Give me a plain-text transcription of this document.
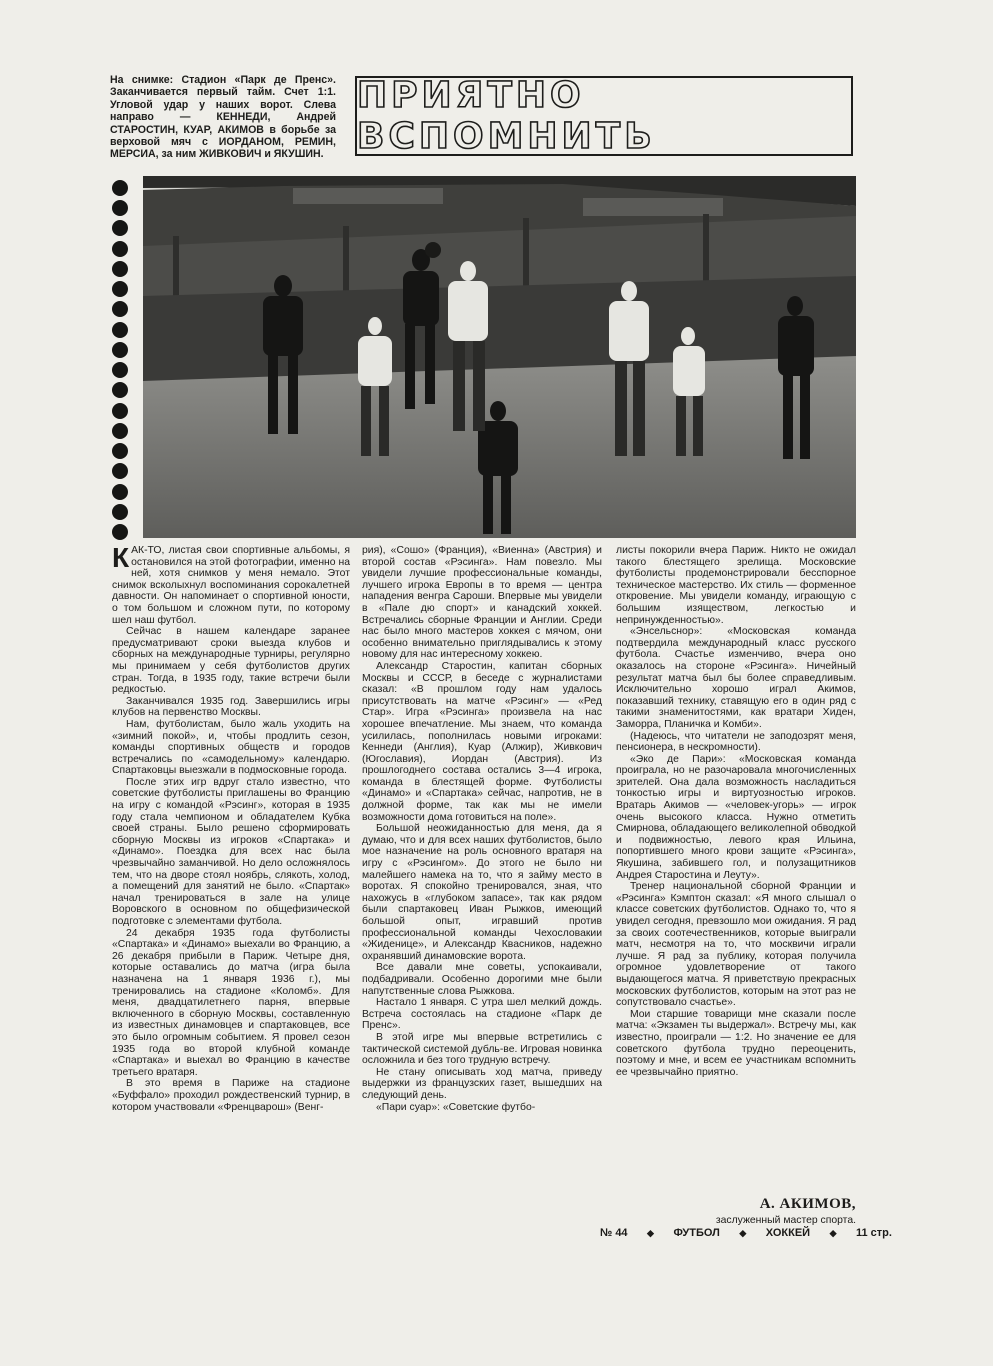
На снимке: Стадион «Парк де Пренс». Заканчивается первый тайм. Счет 1:1. Угловой удар у наших ворот. Слева направо — КЕННЕДИ, Андрей СТАРОСТИН, КУАР, АКИМОВ в борьбе за верховой мяч с ИОРДАНОМ, РЕМИН, МЕРСИА, за ним ЖИВКОВИЧ и ЯКУШИН.
ПРИЯТНО ВСПОМНИТЬ

КАК-ТО, листая свои спортивные альбомы, я остановился на этой фотографии, именно на ней, хотя снимков у меня немало. Этот снимок всколыхнул воспоминания сорокалетней давности. Он напоминает о спортивной юности, о том большом и сложном пути, по которому шел наш футбол.

Сейчас в нашем календаре заранее предусматривают сроки выезда клубов и сборных на международные турниры, регулярно мы принимаем у себя футболистов других стран. Тогда, в 1935 году, такие встречи были редкостью.

Заканчивался 1935 год. Завершились игры клубов на первенство Москвы.

Нам, футболистам, было жаль уходить на «зимний покой», и, чтобы продлить сезон, команды спортивных обществ и городов встречались по «самодельному» календарю. Спартаковцы выезжали в подмосковные города.

После этих игр вдруг стало известно, что советские футболисты приглашены во Францию на игру с командой «Рэсинг», которая в 1935 году стала чемпионом и обладателем Кубка своей страны. Было решено сформировать сборную Москвы из игроков «Спартака» и «Динамо». Поездка для всех нас была чрезвычайно заманчивой. Но дело осложнялось тем, что на дворе стоял ноябрь, слякоть, холод, а помещений для занятий не было. «Спартак» начал тренироваться в зале на улице Воровского в основном по общефизической подготовке с элементами футбола.

24 декабря 1935 года футболисты «Спартака» и «Динамо» выехали во Францию, а 26 декабря прибыли в Париж. Четыре дня, которые оставались до матча (игра была назначена на 1 января 1936 г.), мы тренировались на стадионе «Коломб». Для меня, двадцатилетнего парня, впервые включенного в сборную Москвы, составленную из известных динамовцев и спартаковцев, все это было огромным событием. Я провел сезон 1935 года во второй клубной команде «Спартака» и выехал во Францию в качестве третьего вратаря.

В это время в Париже на стадионе «Буффало» проходил рождественский турнир, в котором участвовали «Френцварош» (Венг-

рия), «Сошо» (Франция), «Виенна» (Австрия) и второй состав «Рэсинга». Нам повезло. Мы увидели лучшие профессиональные команды, лучшего игрока Европы в то время — центра нападения венгра Сароши. Впервые мы увидели в «Пале дю спорт» и канадский хоккей. Встречались сборные Франции и Англии. Среди нас было много мастеров хоккея с мячом, они особенно внимательно приглядывались к этому новому для нас интересному хоккею.

Александр Старостин, капитан сборных Москвы и СССР, в беседе с журналистами сказал: «В прошлом году нам удалось присутствовать на матче «Рэсинг» — «Ред Стар». Игра «Рэсинга» произвела на нас хорошее впечатление. Мы знаем, что команда усилилась, пополнилась новыми игроками: Кеннеди (Англия), Куар (Алжир), Живкович (Югославия), Иордан (Австрия). Из прошлогоднего состава остались 3—4 игрока, команда в блестящей форме. Футболисты «Динамо» и «Спартака» сейчас, напротив, не в должной форме, так как мы не имели возможности дома готовиться на поле».

Большой неожиданностью для меня, да я думаю, что и для всех наших футболистов, было мое назначение на роль основного вратаря на игру с «Рэсингом». До этого не было ни малейшего намека на то, что я займу место в воротах. Я спокойно тренировался, зная, что нахожусь в «глубоком запасе», так как рядом были спартаковец Иван Рыжков, имеющий большой опыт, игравший против профессиональной команды Чехословакии «Жиденице», и Александр Квасников, надежно охранявший динамовские ворота.

Все давали мне советы, успокаивали, подбадривали. Особенно дорогими мне были напутственные слова Рыжкова.

Настало 1 января. С утра шел мелкий дождь. Встреча состоялась на стадионе «Парк де Пренс».

В этой игре мы впервые встретились с тактической системой дубль-ве. Игровая новинка осложнила и без того трудную встречу.

Не стану описывать ход матча, приведу выдержки из французских газет, вышедших на следующий день.

«Пари суар»: «Советские футбо-

листы покорили вчера Париж. Никто не ожидал такого блестящего зрелища. Московские футболисты продемонстрировали бесспорное техническое мастерство. Их стиль — форменное откровение. Мы увидели команду, играющую с большим изяществом, легкостью и непринужденностью».

«Энсельснор»: «Московская команда подтвердила международный класс русского футбола. Счастье изменчиво, вчера оно оказалось на стороне «Рэсинга». Ничейный результат матча был бы более справедливым. Исключительно хорошо играл Акимов, показавший технику, ставящую его в один ряд с такими знаменитостями, как вратари Хиден, Заморра, Планичка и Комби».

(Надеюсь, что читатели не заподозрят меня, пенсионера, в нескромности).

«Эко де Пари»: «Московская команда проиграла, но не разочаровала многочисленных зрителей. Она дала возможность насладиться тонкостью игры и виртуозностью игроков. Вратарь Акимов — «человек-угорь» — игрок очень высокого класса. Нужно отметить Смирнова, обладающего великолепной обводкой и подвижностью, левого края Ильина, попортившего много крови защите «Рэсинга», Якушина, забившего гол, и полузащитников Андрея Старостина и Леуту».

Тренер национальной сборной Франции и «Рэсинга» Кэмптон сказал: «Я много слышал о классе советских футболистов. Однако то, что я увидел сегодня, превзошло мои ожидания. Я рад за своих соотечественников, которые выиграли матч, несмотря на то, что москвичи играли лучше. Я рад за публику, которая получила огромное удовлетворение от такого выдающегося матча. Я приветствую прекрасных московских футболистов, которым на этот раз не сопутствовало счастье».

Мои старшие товарищи мне сказали после матча: «Экзамен ты выдержал». Встречу мы, как известно, проиграли — 1:2. Но значение ее для советского футбола трудно переоценить, поэтому и мне, и всем ее участникам вспомнить ее чрезвычайно приятно.

А. АКИМОВ,
заслуженный мастер спорта.
№ 44 ◆ ФУТБОЛ ◆ ХОККЕЙ ◆ 11 стр.
